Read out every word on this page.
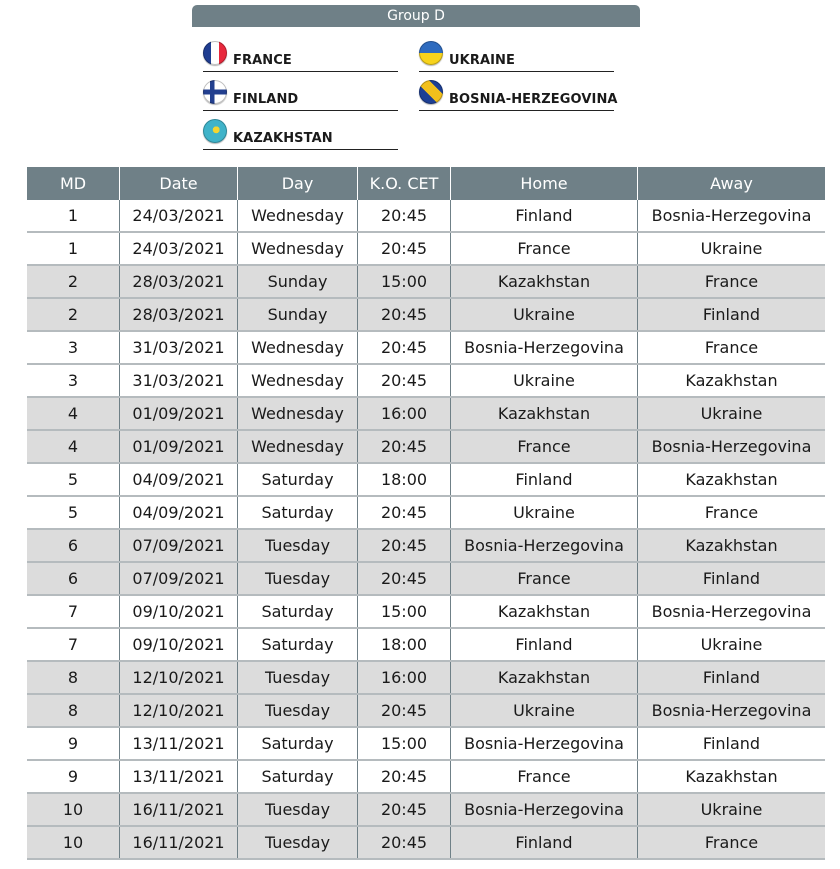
Group D
FRANCE	UKRAINE
FINLAND	BOSNIA-HERZEGOVINA
KAZAKHSTAN
MD	Date	Day	K.O. CET	Home	Away
1	24/03/2021	Wednesday	20:45	Finland	Bosnia-Herzegovina
1	24/03/2021	Wednesday	20:45	France	Ukraine
2	28/03/2021	Sunday	15:00	Kazakhstan	France
2	28/03/2021	Sunday	20:45	Ukraine	Finland
3	31/03/2021	Wednesday	20:45	Bosnia-Herzegovina	France
3	31/03/2021	Wednesday	20:45	Ukraine	Kazakhstan
4	01/09/2021	Wednesday	16:00	Kazakhstan	Ukraine
4	01/09/2021	Wednesday	20:45	France	Bosnia-Herzegovina
5	04/09/2021	Saturday	18:00	Finland	Kazakhstan
5	04/09/2021	Saturday	20:45	Ukraine	France
6	07/09/2021	Tuesday	20:45	Bosnia-Herzegovina	Kazakhstan
6	07/09/2021	Tuesday	20:45	France	Finland
7	09/10/2021	Saturday	15:00	Kazakhstan	Bosnia-Herzegovina
7	09/10/2021	Saturday	18:00	Finland	Ukraine
8	12/10/2021	Tuesday	16:00	Kazakhstan	Finland
8	12/10/2021	Tuesday	20:45	Ukraine	Bosnia-Herzegovina
9	13/11/2021	Saturday	15:00	Bosnia-Herzegovina	Finland
9	13/11/2021	Saturday	20:45	France	Kazakhstan
10	16/11/2021	Tuesday	20:45	Bosnia-Herzegovina	Ukraine
10	16/11/2021	Tuesday	20:45	Finland	France
